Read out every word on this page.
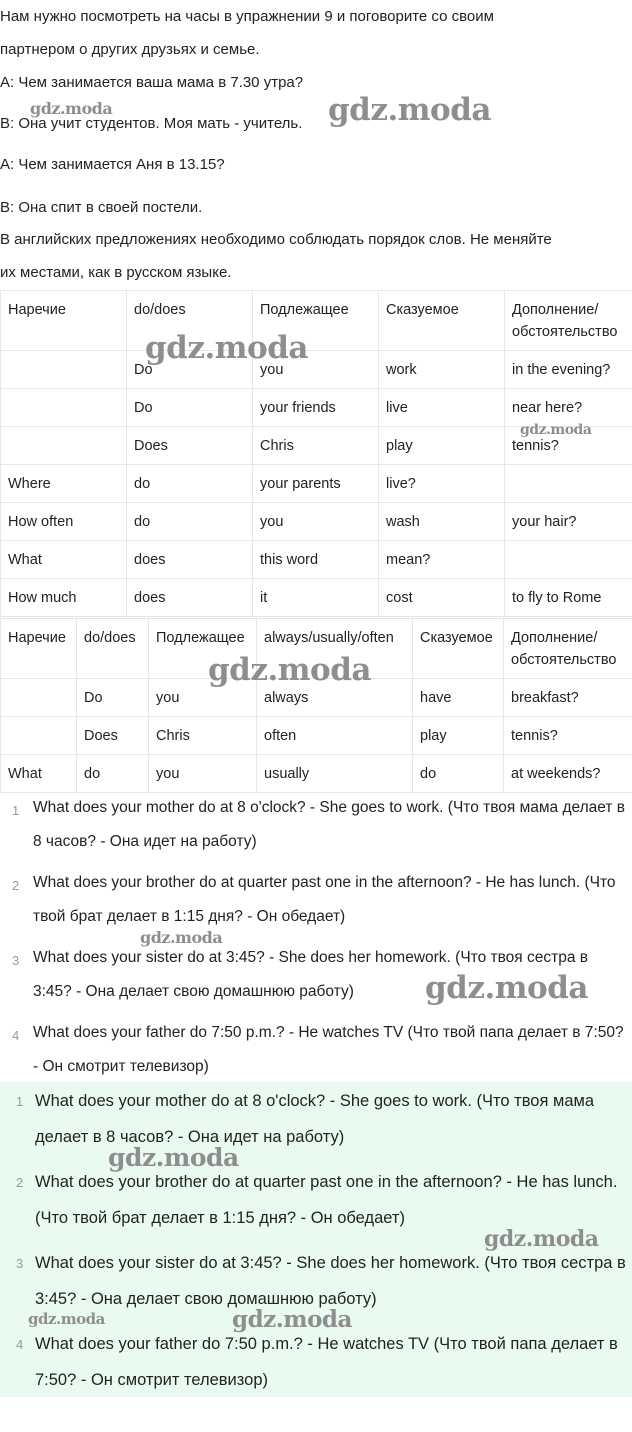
Нам нужно посмотреть на часы в упражнении 9 и поговорите со своим
партнером о других друзьях и семье.
А: Чем занимается ваша мама в 7.30 утра?
В: Она учит студентов. Моя мать - учитель.
А: Чем занимается Аня в 13.15?
В: Она спит в своей постели.
В английских предложениях необходимо соблюдать порядок слов. Не меняйте
их местами, как в русском языке.
Наречие	do/does	Подлежащее	Сказуемое	Дополнение/ обстоятельство
	Do	you	work	in the evening?
	Do	your friends	live	near here?
	Does	Chris	play	tennis?
Where	do	your parents	live?	
How often	do	you	wash	your hair?
What	does	this word	mean?	
How much	does	it	cost	to fly to Rome
Наречие	do/does	Подлежащее	always/usually/often	Сказуемое	Дополнение/ обстоятельство
	Do	you	always	have	breakfast?
	Does	Chris	often	play	tennis?
What	do	you	usually	do	at weekends?
1 What does your mother do at 8 o'clock? - She goes to work. (Что твоя мама делает в 8 часов? - Она идет на работу)
2 What does your brother do at quarter past one in the afternoon? - He has lunch. (Что твой брат делает в 1:15 дня? - Он обедает)
3 What does your sister do at 3:45? - She does her homework. (Что твоя сестра в 3:45? - Она делает свою домашнюю работу)
4 What does your father do 7:50 p.m.? - He watches TV (Что твой папа делает в 7:50? - Он смотрит телевизор)
1 What does your mother do at 8 o'clock? - She goes to work. (Что твоя мама делает в 8 часов? - Она идет на работу)
2 What does your brother do at quarter past one in the afternoon? - He has lunch. (Что твой брат делает в 1:15 дня? - Он обедает)
3 What does your sister do at 3:45? - She does her homework. (Что твоя сестра в 3:45? - Она делает свою домашнюю работу)
4 What does your father do 7:50 p.m.? - He watches TV (Что твой папа делает в 7:50? - Он смотрит телевизор)
gdz.moda	gdz.moda
gdz.moda
gdz.moda
gdz.moda
gdz.moda
gdz.moda
gdz.moda
gdz.moda
gdz.moda	gdz.moda
